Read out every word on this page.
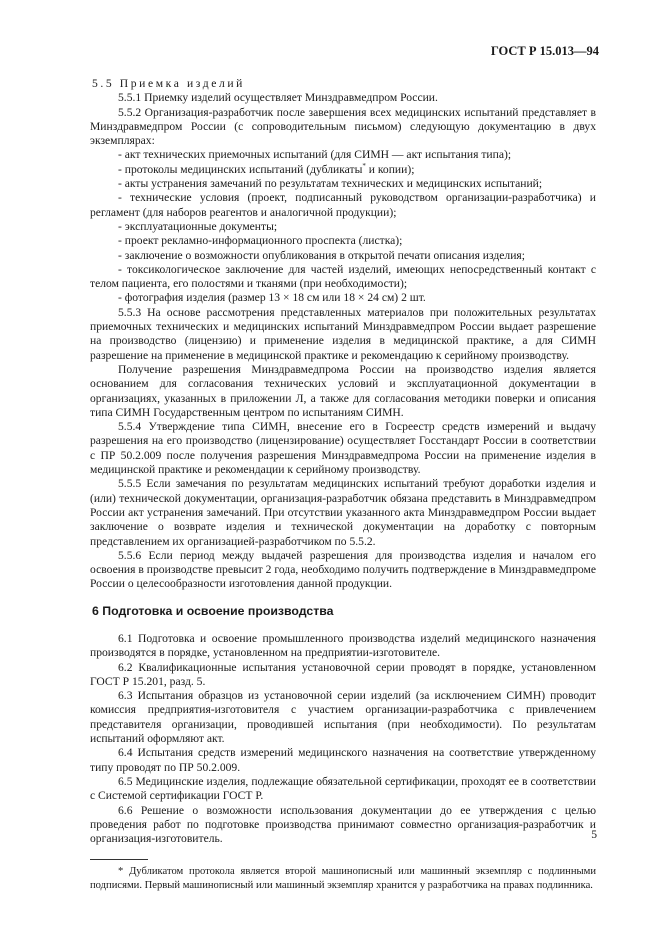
ГОСТ Р 15.013—94

5.5 Приемка изделий

5.5.1 Приемку изделий осуществляет Минздравмедпром России.

5.5.2 Организация-разработчик после завершения всех медицинских испытаний представляет в Минздравмедпром России (с сопроводительным письмом) следующую документацию в двух экземплярах:

- акт технических приемочных испытаний (для СИМН — акт испытания типа);

- протоколы медицинских испытаний (дубликаты* и копии);

- акты устранения замечаний по результатам технических и медицинских испытаний;

- технические условия (проект, подписанный руководством организации-разработчика) и регламент (для наборов реагентов и аналогичной продукции);

- эксплуатационные документы;

- проект рекламно-информационного проспекта (листка);

- заключение о возможности опубликования в открытой печати описания изделия;

- токсикологическое заключение для частей изделий, имеющих непосредственный контакт с телом пациента, его полостями и тканями (при необходимости);

- фотография изделия (размер 13 × 18 см или 18 × 24 см) 2 шт.

5.5.3 На основе рассмотрения представленных материалов при положительных результатах приемочных технических и медицинских испытаний Минздравмедпром России выдает разрешение на производство (лицензию) и применение изделия в медицинской практике, а для СИМН разрешение на применение в медицинской практике и рекомендацию к серийному производству.

Получение разрешения Минздравмедпрома России на производство изделия является основанием для согласования технических условий и эксплуатационной документации в организациях, указанных в приложении Л, а также для согласования методики поверки и описания типа СИМН Государственным центром по испытаниям СИМН.

5.5.4 Утверждение типа СИМН, внесение его в Госреестр средств измерений и выдачу разрешения на его производство (лицензирование) осуществляет Госстандарт России в соответствии с ПР 50.2.009 после получения разрешения Минздравмедпрома России на применение изделия в медицинской практике и рекомендации к серийному производству.

5.5.5 Если замечания по результатам медицинских испытаний требуют доработки изделия и (или) технической документации, организация-разработчик обязана представить в Минздравмедпром России акт устранения замечаний. При отсутствии указанного акта Минздравмедпром России выдает заключение о возврате изделия и технической документации на доработку с повторным представлением их организацией-разработчиком по 5.5.2.

5.5.6 Если период между выдачей разрешения для производства изделия и началом его освоения в производстве превысит 2 года, необходимо получить подтверждение в Минздравмедпроме России о целесообразности изготовления данной продукции.

6 Подготовка и освоение производства

6.1 Подготовка и освоение промышленного производства изделий медицинского назначения производятся в порядке, установленном на предприятии-изготовителе.

6.2 Квалификационные испытания установочной серии проводят в порядке, установленном ГОСТ Р 15.201, разд. 5.

6.3 Испытания образцов из установочной серии изделий (за исключением СИМН) проводит комиссия предприятия-изготовителя с участием организации-разработчика с привлечением представителя организации, проводившей испытания (при необходимости). По результатам испытаний оформляют акт.

6.4 Испытания средств измерений медицинского назначения на соответствие утвержденному типу проводят по ПР 50.2.009.

6.5 Медицинские изделия, подлежащие обязательной сертификации, проходят ее в соответствии с Системой сертификации ГОСТ Р.

6.6 Решение о возможности использования документации до ее утверждения с целью проведения работ по подготовке производства принимают совместно организация-разработчик и организация-изготовитель.

* Дубликатом протокола является второй машинописный или машинный экземпляр с подлинными подписями. Первый машинописный или машинный экземпляр хранится у разработчика на правах подлинника.

5
